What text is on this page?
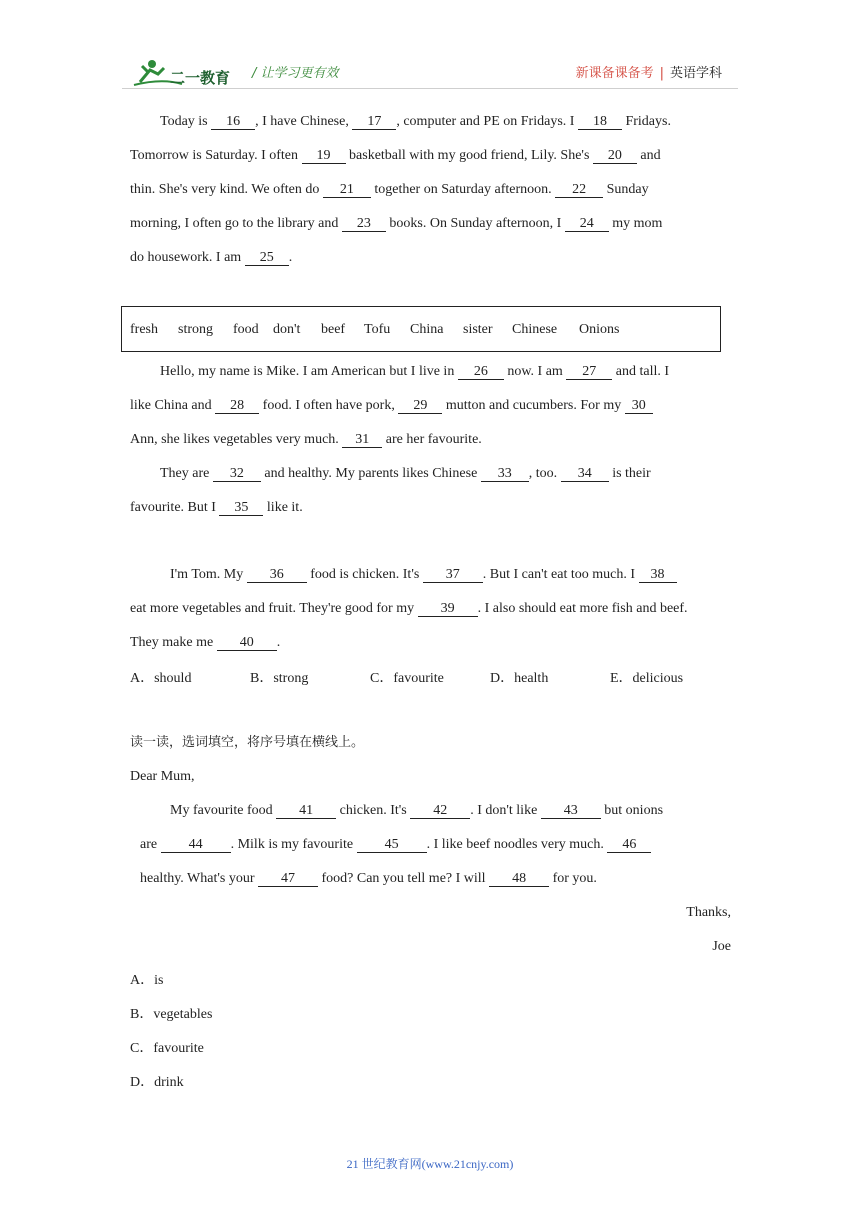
二一教育 / 让学习更有效	新课备课备考 | 英语学科
Today is 16 , I have Chinese, 17 , computer and PE on Fridays. I 18 Fridays.
Tomorrow is Saturday. I often 19 basketball with my good friend, Lily. She's 20 and
thin. She's very kind. We often do 21 together on Saturday afternoon. 22 Sunday
morning, I often go to the library and 23 books. On Sunday afternoon, I 24 my mom
do housework. I am 25 .
fresh strong food don't beef Tofu China sister Chinese Onions
Hello, my name is Mike. I am American but I live in 26 now. I am 27 and tall. I
like China and 28 food. I often have pork, 29 mutton and cucumbers. For my 30
Ann, she likes vegetables very much. 31 are her favourite.
They are 32 and healthy. My parents likes Chinese 33 , too. 34 is their
favourite. But I 35 like it.
I'm Tom. My 36 food is chicken. It's 37 . But I can't eat too much. I 38
eat more vegetables and fruit. They're good for my 39 . I also should eat more fish and beef.
They make me 40 .
A．should	B．strong	C．favourite	D．health	E．delicious
读一读，选词填空，将序号填在横线上。
Dear Mum,
My favourite food 41 chicken. It's 42 . I don't like 43 but onions
are 44 . Milk is my favourite 45 . I like beef noodles very much. 46
healthy. What's your 47 food? Can you tell me? I will 48 for you.
Thanks,
Joe
A．is
B．vegetables
C．favourite
D．drink
21 世纪教育网(www.21cnjy.com)
